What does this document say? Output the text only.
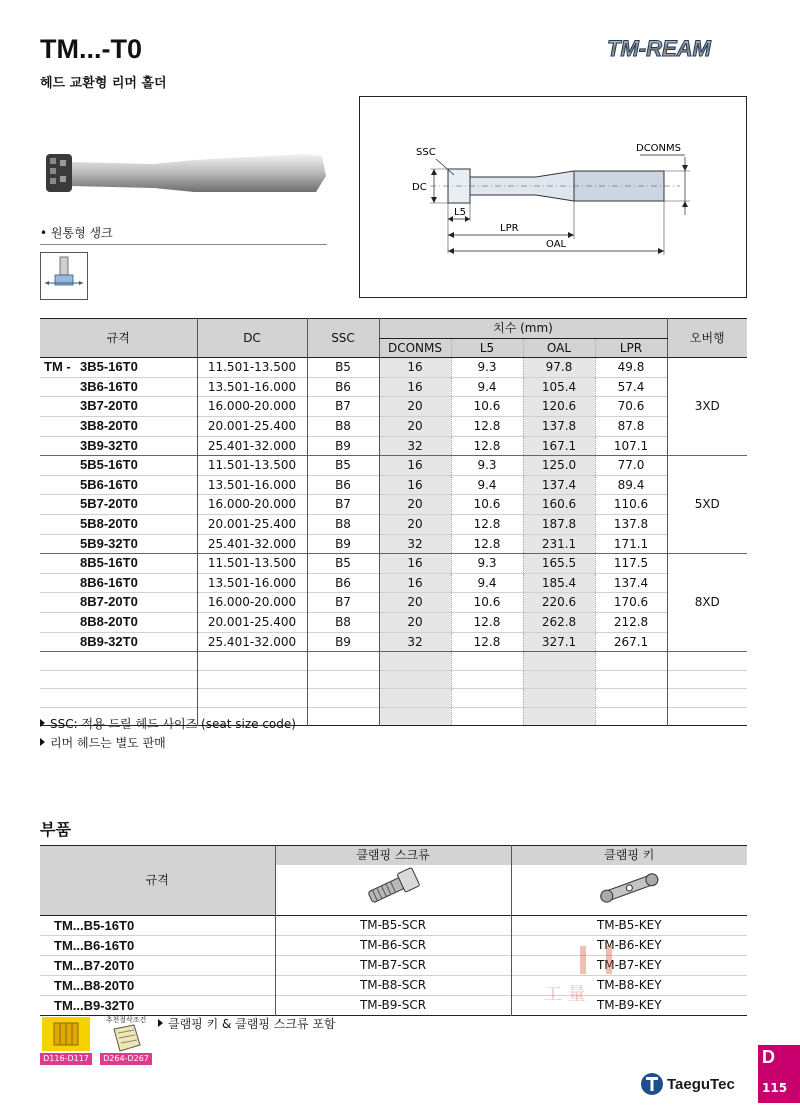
TM...-T0
헤드 교환형 리머 홀더
TM-REAM
• 원통형 생크
SSC	DCONMS
DC
L5
LPR
OAL
규격	DC	SSC	치수 (mm)				오버행
			DCONMS	L5	OAL	LPR	
TM - 3B5-16T0	11.501-13.500	B5	16	9.3	97.8	49.8	3XD
3B6-16T0	13.501-16.000	B6	16	9.4	105.4	57.4	
3B7-20T0	16.000-20.000	B7	20	10.6	120.6	70.6	
3B8-20T0	20.001-25.400	B8	20	12.8	137.8	87.8	
3B9-32T0	25.401-32.000	B9	32	12.8	167.1	107.1	
5B5-16T0	11.501-13.500	B5	16	9.3	125.0	77.0	5XD
5B6-16T0	13.501-16.000	B6	16	9.4	137.4	89.4	
5B7-20T0	16.000-20.000	B7	20	10.6	160.6	110.6	
5B8-20T0	20.001-25.400	B8	20	12.8	187.8	137.8	
5B9-32T0	25.401-32.000	B9	32	12.8	231.1	171.1	
8B5-16T0	11.501-13.500	B5	16	9.3	165.5	117.5	8XD
8B6-16T0	13.501-16.000	B6	16	9.4	185.4	137.4	
8B7-20T0	16.000-20.000	B7	20	10.6	220.6	170.6	
8B8-20T0	20.001-25.400	B8	20	12.8	262.8	212.8	
8B9-32T0	25.401-32.000	B9	32	12.8	327.1	267.1	

SSC: 적용 드릴 헤드 사이즈 (seat size code)
리머 헤드는 별도 판매
부품
규격	클램핑 스크류	클램핑 키

TM...B5-16T0	TM-B5-SCR	TM-B5-KEY
TM...B6-16T0	TM-B6-SCR	TM-B6-KEY
TM...B7-20T0	TM-B7-SCR	TM-B7-KEY
TM...B8-20T0	TM-B8-SCR	TM-B8-KEY
TM...B9-32T0	TM-B9-SCR	TM-B9-KEY
D116-D117
추천절삭조건
D264-D267
클램핑 키 & 클램핑 스크류 포함
工 量
TaeguTec
D
115
